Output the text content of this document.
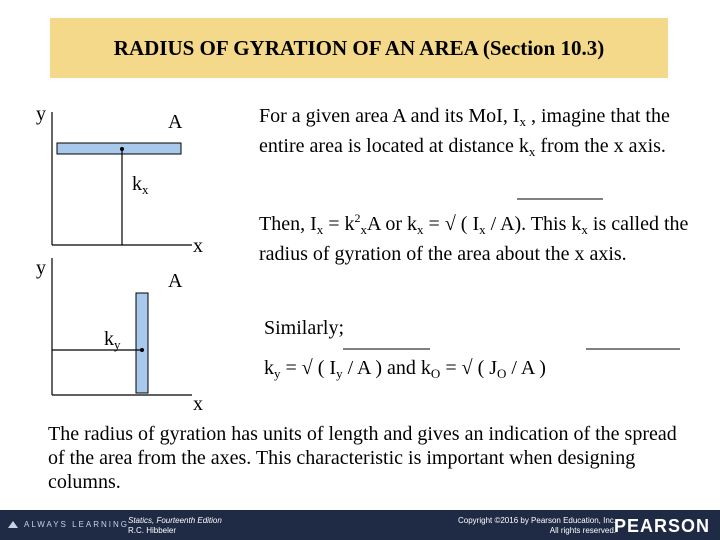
RADIUS OF GYRATION OF AN AREA (Section 10.3)
y	A
$k_x$
x
y
A
$k_y$
x
For a given area A and its MoI, $I_x$ , imagine that the entire area is located at distance $k_x$ from the x axis.
Then, $I_x = k^2_xA$ or $k_x$ = √ ( $I_x / A$). This $k_x$ is called the radius of gyration of the area about the x axis.
Similarly;
$k_y$ = √ ( $I_y$ / A ) and $k_O$ = √ ( $J_O$ / A )
The radius of gyration has units of length and gives an indication of the spread of the area from the axes. This characteristic is important when designing columns.
ALWAYS LEARNING Statics, Fourteenth Edition
R.C. Hibbeler
Copyright ©2016 by Pearson Education, Inc.
All rights reserved.
PEARSON
